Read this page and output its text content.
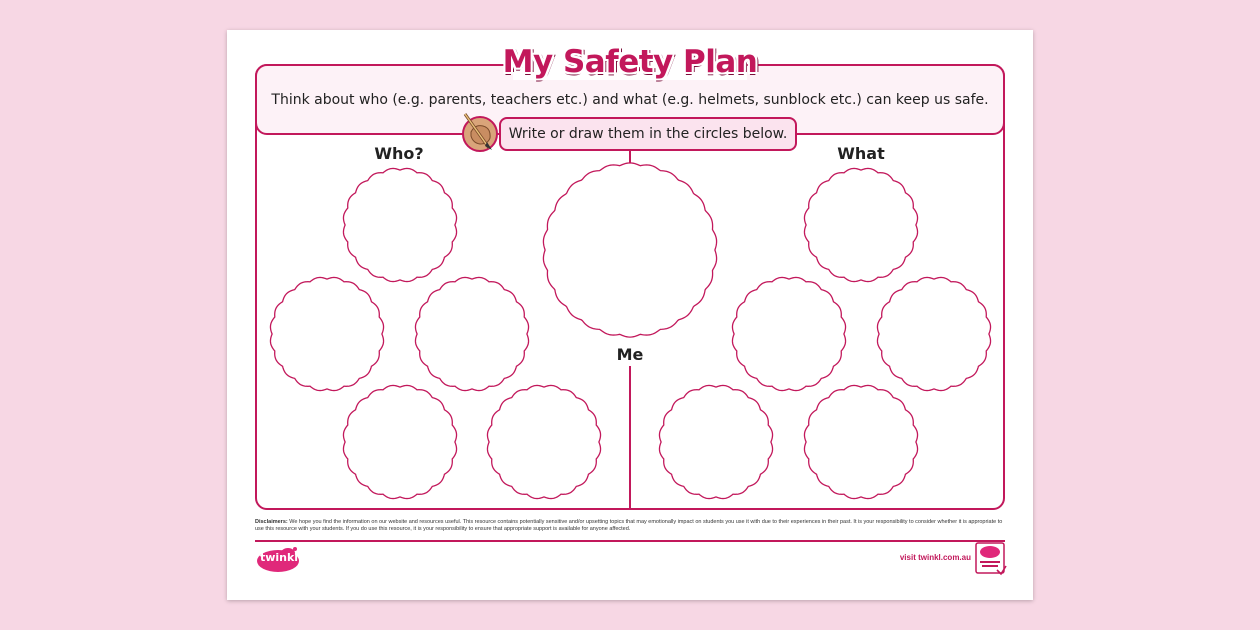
My Safety Plan
Think about who (e.g. parents, teachers etc.) and what (e.g. helmets, sunblock etc.) can keep us safe.
Write or draw them in the circles below.
Who?	What
Me
Disclaimers: We hope you find the information on our website and resources useful. This resource contains potentially sensitive and/or upsetting topics that may emotionally impact on students you use it with due to their experiences in their past. It is your responsibility to consider whether it is appropriate to use this resource with your students. If you do use this resource, it is your responsibility to ensure that appropriate support is available for anyone affected.
twinkl	visit twinkl.com.au
